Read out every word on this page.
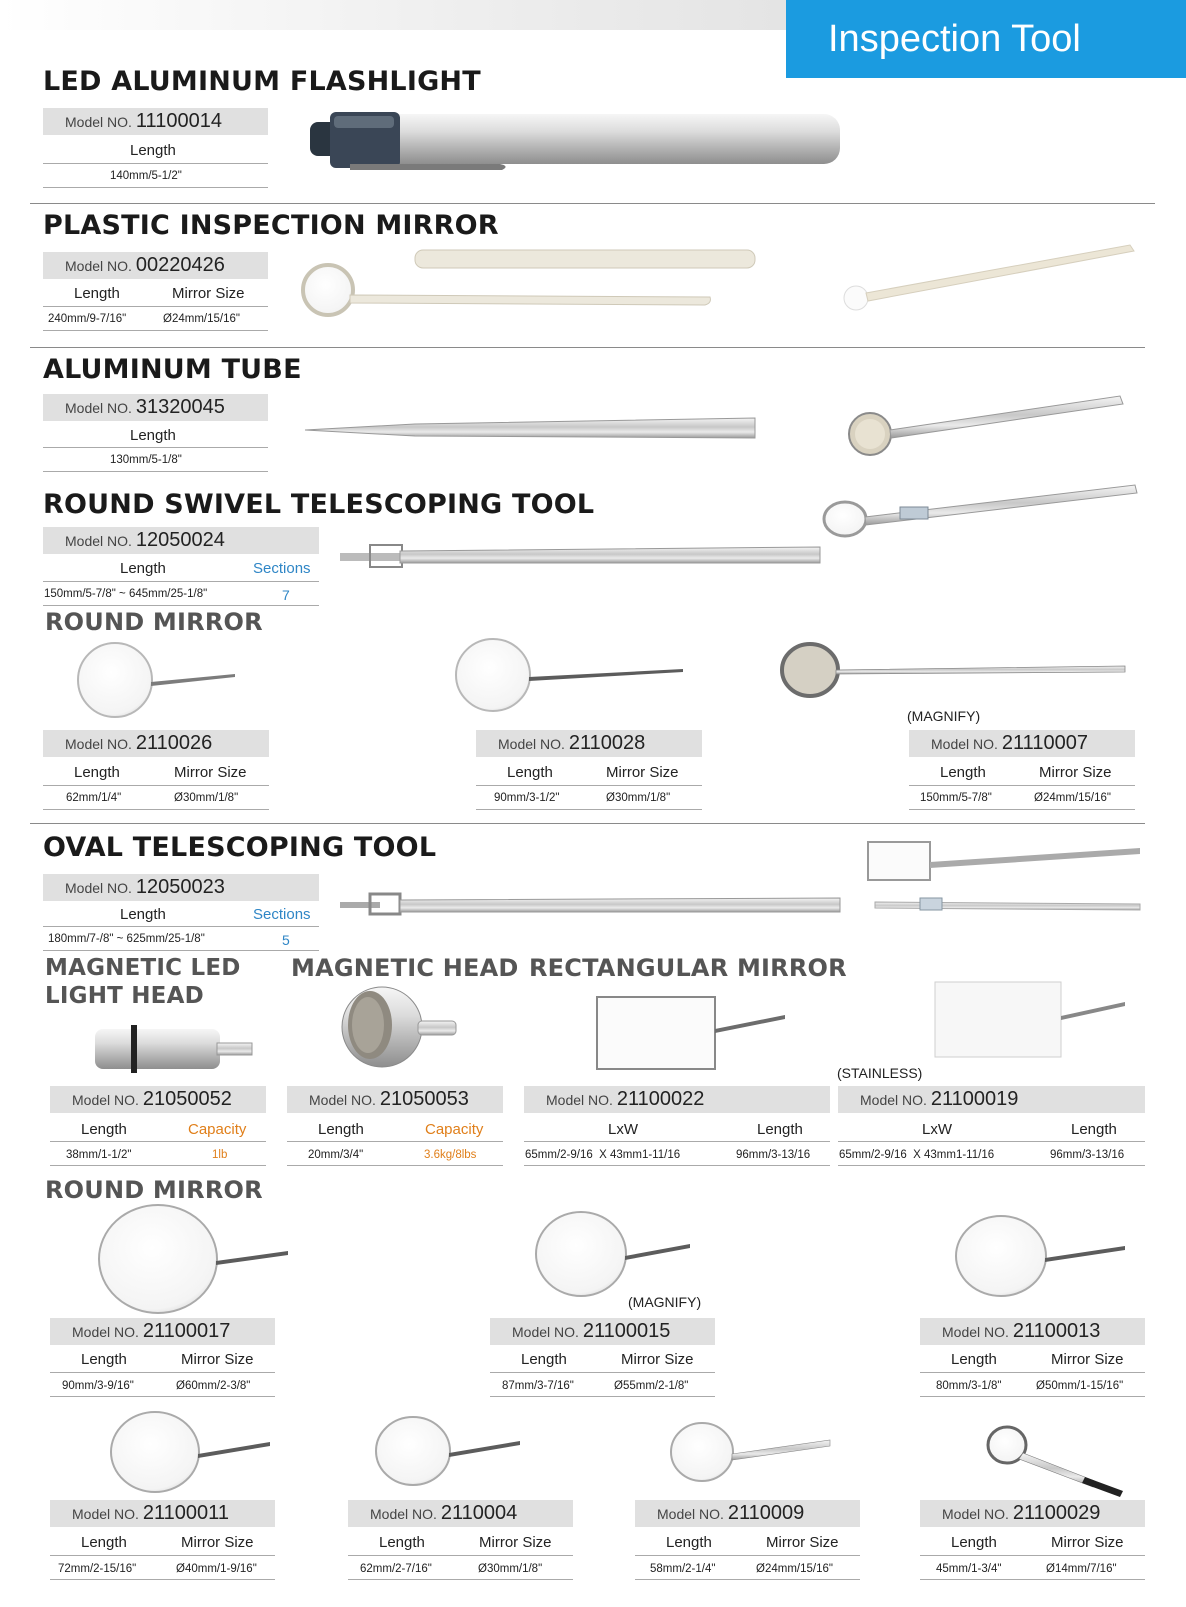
Inspection Tool
LED ALUMINUM FLASHLIGHT
Model NO. 11100014
Length
140mm/5-1/2"
PLASTIC INSPECTION MIRROR
Model NO. 00220426
Length	Mirror Size
240mm/9-7/16"	Ø24mm/15/16"
ALUMINUM TUBE
Model NO. 31320045
Length
130mm/5-1/8"
ROUND SWIVEL TELESCOPING TOOL
Model NO. 12050024
Length	Sections
150mm/5-7/8" ~ 645mm/25-1/8"	7
ROUND MIRROR
(MAGNIFY)
Model NO. 2110026
Length	Mirror Size
62mm/1/4"	Ø30mm/1/8"
Model NO. 2110028
Length	Mirror Size
90mm/3-1/2"	Ø30mm/1/8"
Model NO. 21110007
Length	Mirror Size
150mm/5-7/8"	Ø24mm/15/16"
OVAL TELESCOPING TOOL
Model NO. 12050023
Length	Sections
180mm/7-/8" ~ 625mm/25-1/8"	5
MAGNETIC LED
LIGHT HEAD
Model NO. 21050052
Length	Capacity
38mm/1-1/2"	1lb
MAGNETIC HEAD
Model NO. 21050053
Length	Capacity
20mm/3/4"	3.6kg/8lbs
RECTANGULAR MIRROR
(STAINLESS)
Model NO. 21100022
LxW	Length
65mm/2-9/16  X 43mm1-11/16	96mm/3-13/16
Model NO. 21100019
LxW	Length
65mm/2-9/16  X 43mm1-11/16	96mm/3-13/16
ROUND MIRROR
(MAGNIFY)
Model NO. 21100017
Length	Mirror Size
90mm/3-9/16"	Ø60mm/2-3/8"
Model NO. 21100015
Length	Mirror Size
87mm/3-7/16"	Ø55mm/2-1/8"
Model NO. 21100013
Length	Mirror Size
80mm/3-1/8"	Ø50mm/1-15/16"
Model NO. 21100011
Length	Mirror Size
72mm/2-15/16"	Ø40mm/1-9/16"
Model NO. 2110004
Length	Mirror Size
62mm/2-7/16"	Ø30mm/1/8"
Model NO. 2110009
Length	Mirror Size
58mm/2-1/4"	Ø24mm/15/16"
Model NO. 21100029
Length	Mirror Size
45mm/1-3/4"	Ø14mm/7/16"
